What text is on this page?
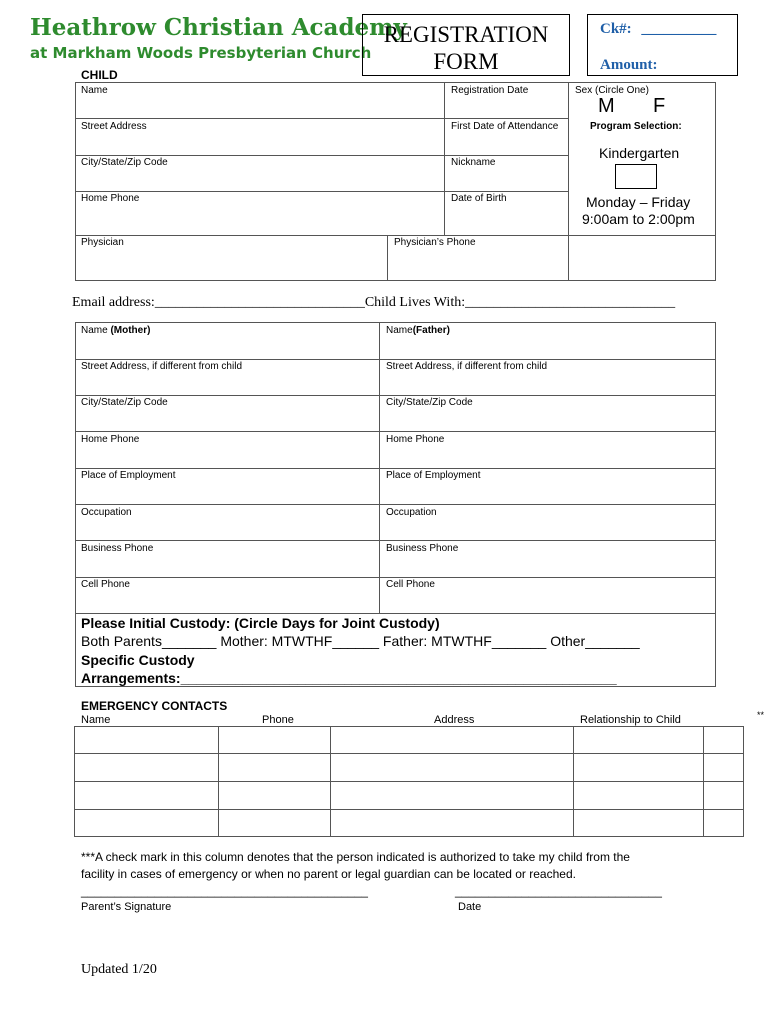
Heathrow Christian Academy
at Markham Woods Presbyterian Church
REGISTRATION
FORM
Ck#: __________
Amount:
CHILD
Name	Registration Date	Sex (Circle One)
M F
Street Address	First Date of Attendance	Program Selection:
City/State/Zip Code	Nickname
Kindergarten
Home Phone	Date of Birth	Monday – Friday
9:00am to 2:00pm
Physician	Physician’s Phone
Email address:______________________________Child Lives With:______________________________
Name (Mother)	Name(Father)
Street Address, if different from child	Street Address, if different from child
City/State/Zip Code	City/State/Zip Code
Home Phone	Home Phone
Place of Employment	Place of Employment
Occupation	Occupation
Business Phone	Business Phone
Cell Phone	Cell Phone
Please Initial Custody: (Circle Days for Joint Custody)
Both Parents_______ Mother: MTWTHF______ Father: MTWTHF_______ Other_______
Specific Custody
Arrangements:________________________________________________________
EMERGENCY CONTACTS
Name	Phone	Address	Relationship to Child	**
***A check mark in this column denotes that the person indicated is authorized to take my child from the
facility in cases of emergency or when no parent or legal guardian can be located or reached.
___________________________________________	_______________________________
Parent’s Signature	Date
Updated 1/20
